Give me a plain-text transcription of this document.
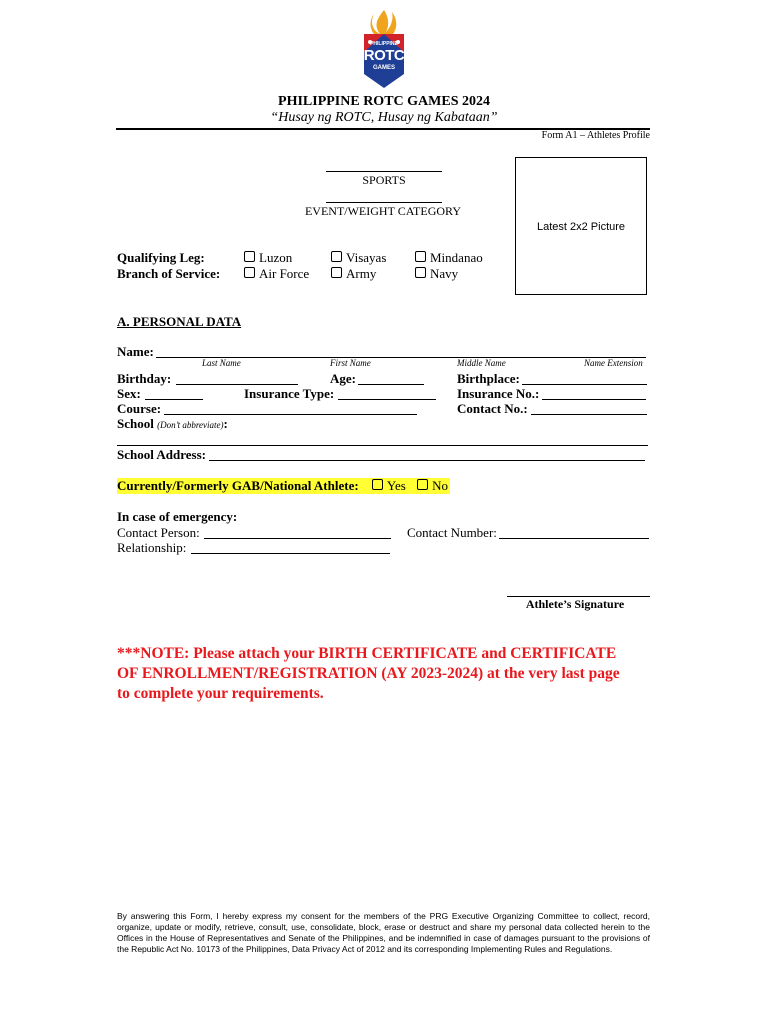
PHILIPPINE
ROTC
GAMES
PHILIPPINE ROTC GAMES 2024
“Husay ng ROTC, Husay ng Kabataan”
Form A1 – Athletes Profile
SPORTS
EVENT/WEIGHT CATEGORY
Latest 2x2 Picture
Qualifying Leg:	Luzon	Visayas	Mindanao
Branch of Service:	Air Force	Army	Navy
A. PERSONAL DATA
Name:
Last Name	First Name	Middle Name	Name Extension
Birthday:	Age:	Birthplace:
Sex:	Insurance Type:	Insurance No.:
Course:	Contact No.:
School (Don’t abbreviate):
School Address:
Currently/Formerly GAB/National Athlete: Yes No
In case of emergency:
Contact Person:	Contact Number:
Relationship:
Athlete’s Signature
***NOTE: Please attach your BIRTH CERTIFICATE and CERTIFICATE
OF ENROLLMENT/REGISTRATION (AY 2023-2024) at the very last page
to complete your requirements.
By answering this Form, I hereby express my consent for the members of the PRG Executive Organizing Committee to collect, record, organize, update or modify, retrieve, consult, use, consolidate, block, erase or destruct and share my personal data collected herein to the Offices in the House of Representatives and Senate of the Philippines, and be indemnified in case of damages pursuant to the provisions of the Republic Act No. 10173 of the Philippines, Data Privacy Act of 2012 and its corresponding Implementing Rules and Regulations.
